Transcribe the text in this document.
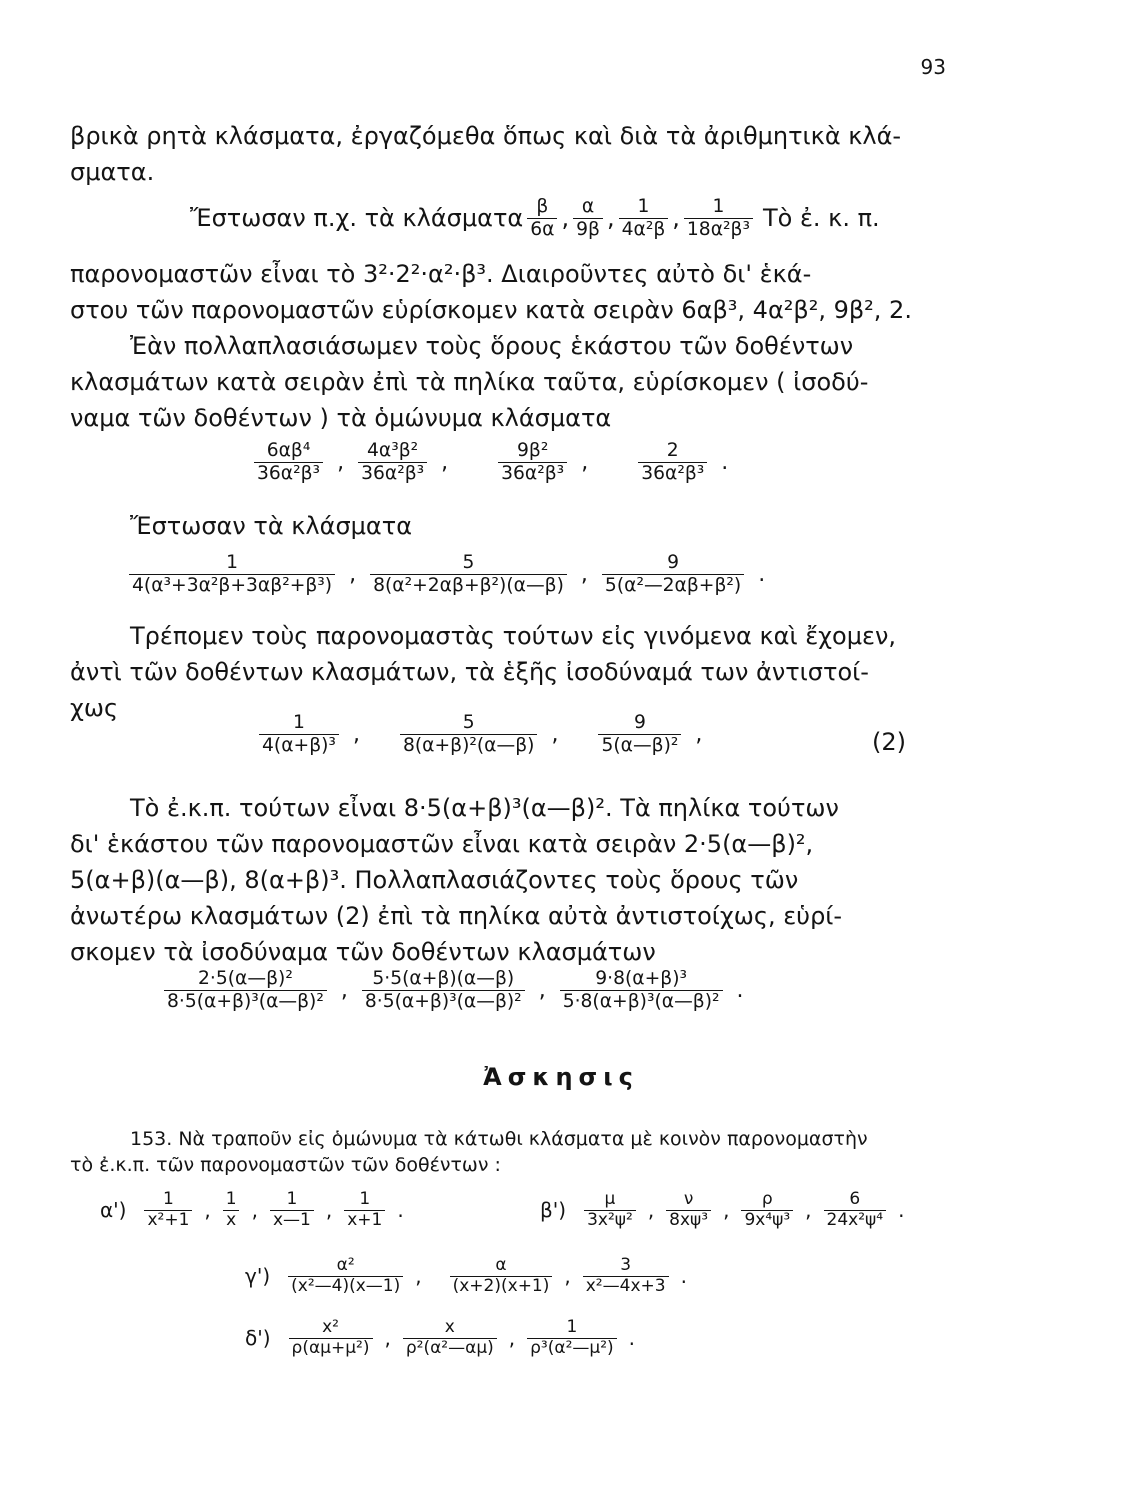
93

βρικὰ ρητὰ κλάσματα, ἐργαζόμεθα ὅπως καὶ διὰ τὰ ἀριθμητικὰ κλά-

σματα.

Ἔστωσαν π.χ. τὰ κλάσματα $\frac{\beta}{6\alpha}$ , $\frac{\alpha}{9\beta}$ , $\frac{1}{\text{4α²β}}$ , $\frac{1}{\text{18α²β³}}$ Τὸ ἐ. κ. π.

παρονομαστῶν εἶναι τὸ 3²·2²·α²·β³. Διαιροῦντες αὐτὸ δι' ἑκά-

στου τῶν παρονομαστῶν εὑρίσκομεν κατὰ σειρὰν 6αβ³, 4α²β², 9β², 2.

Ἐὰν πολλαπλασιάσωμεν τοὺς ὅρους ἑκάστου τῶν δοθέντων

κλασμάτων κατὰ σειρὰν ἐπὶ τὰ πηλίκα ταῦτα, εὑρίσκομεν ( ἰσοδύ-

ναμα τῶν δοθέντων ) τὰ ὁμώνυμα κλάσματα

$\frac{\text{6αβ⁴}}{\text{36α²β³}}$ , $\frac{\text{4α³β²}}{\text{36α²β³}}$ ,	$\frac{\text{9β²}}{\text{36α²β³}}$ ,	$\frac{2}{\text{36α²β³}}$ .

Ἔστωσαν τὰ κλάσματα

$\frac{1}{\text{4(α³+3α²β+3αβ²+β³)}}$ , $\frac{5}{\text{8(α²+2αβ+β²)(α—β)}}$ , $\frac{9}{\text{5(α²—2αβ+β²)}}$ .

Τρέπομεν τοὺς παρονομαστὰς τούτων εἰς γινόμενα καὶ ἔχομεν,

ἀντὶ τῶν δοθέντων κλασμάτων, τὰ ἑξῆς ἰσοδύναμά των ἀντιστοί-

χως

$\frac{1}{\text{4(α+β)³}}$ , $\frac{5}{\text{8(α+β)²(α—β)}}$ , $\frac{9}{\text{5(α—β)²}}$ ,	(2)

Τὸ ἐ.κ.π. τούτων εἶναι 8·5(α+β)³(α—β)². Τὰ πηλίκα τούτων

δι' ἑκάστου τῶν παρονομαστῶν εἶναι κατὰ σειρὰν 2·5(α—β)²,

5(α+β)(α—β), 8(α+β)³. Πολλαπλασιάζοντες τοὺς ὅρους τῶν

ἀνωτέρω κλασμάτων (2) ἐπὶ τὰ πηλίκα αὐτὰ ἀντιστοίχως, εὑρί-

σκομεν τὰ ἰσοδύναμα τῶν δοθέντων κλασμάτων

$\frac{\text{2·5(α—β)²}}{\text{8·5(α+β)³(α—β)²}}$ , $\frac{5\cdot 5(\alpha+\beta)(\alpha—\beta)}{\text{8·5(α+β)³(α—β)²}}$ , $\frac{\text{9·8(α+β)³}}{\text{5·8(α+β)³(α—β)²}}$ .
Ἀσκησις

153. Νὰ τραποῦν εἰς ὁμώνυμα τὰ κάτωθι κλάσματα μὲ κοινὸν παρονομαστὴν

τὸ ἐ.κ.π. τῶν παρονομαστῶν τῶν δοθέντων :

$\alpha') \frac{1}{\text{x²+1}}$ , $\frac{1}{x}$ , $\frac{1}{x—1}$ , $\frac{1}{x+1}$ .	$\beta') \frac{\mu}{\text{3x²ψ²}}$ , $\frac{\nu}{\text{8xψ³}}$ , $\frac{\rho}{\text{9x⁴ψ³}}$ , $\frac{6}{\text{24x²ψ⁴}}$ .
$\gamma') \frac{\text{α²}}{\text{(x²—4)(x—1)}}$ , $\frac{\alpha}{(x+2)(x+1)}$ , $\frac{3}{\text{x²—4x+3}}$ .
$\delta') \frac{\text{x²}}{\text{ρ(αμ+μ²)}}$ , $\frac{x}{\text{ρ²(α²—αμ)}}$ , $\frac{1}{\text{ρ³(α²—μ²)}}$ .
